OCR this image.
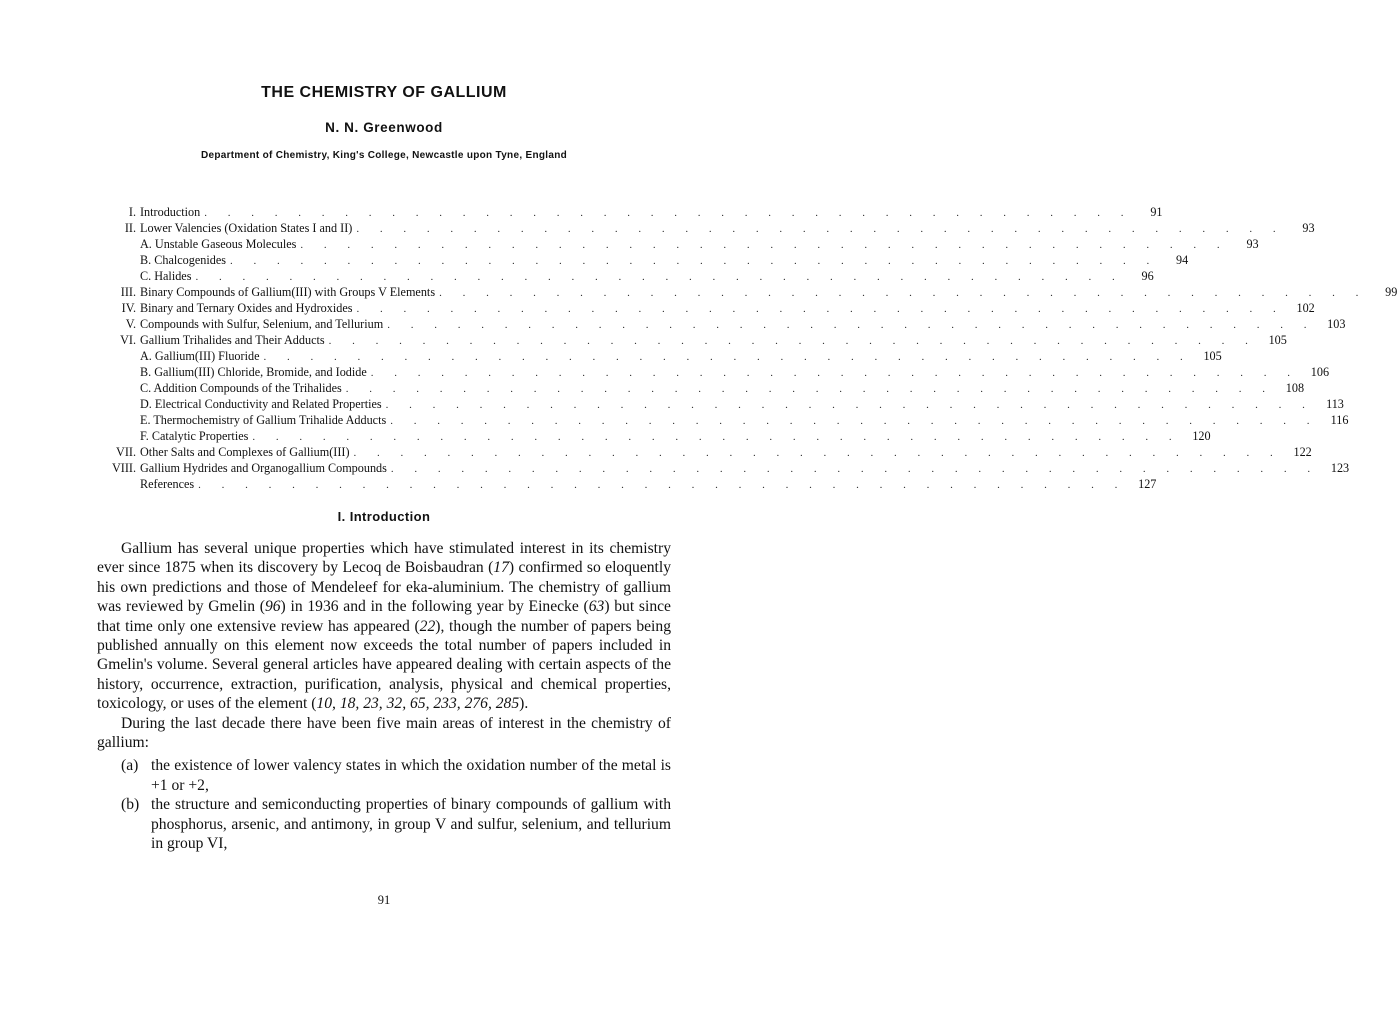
THE CHEMISTRY OF GALLIUM
N. N. Greenwood
Department of Chemistry, King's College, Newcastle upon Tyne, England
I. Introduction . . . . . . . . . . . . . . . . . . . . . . . . . . . . . . . . . . . . . . . .	91
II. Lower Valencies (Oxidation States I and II) . . . . . . . . . . . . . . . . . . . . . . . . . . . . . . . . . . . . . . . .	93
A. Unstable Gaseous Molecules . . . . . . . . . . . . . . . . . . . . . . . . . . . . . . . . . . . . . . . .	93
B. Chalcogenides . . . . . . . . . . . . . . . . . . . . . . . . . . . . . . . . . . . . . . . .	94
C. Halides . . . . . . . . . . . . . . . . . . . . . . . . . . . . . . . . . . . . . . . .	96
III. Binary Compounds of Gallium(III) with Groups V Elements . . . . . . . . . . . . . . . . . . . . . . . . . . . . . . . . . . . . . . . .	99
IV. Binary and Ternary Oxides and Hydroxides . . . . . . . . . . . . . . . . . . . . . . . . . . . . . . . . . . . . . . . . 102
V. Compounds with Sulfur, Selenium, and Tellurium . . . . . . . . . . . . . . . . . . . . . . . . . . . . . . . . . . . . . . . . 103
VI. Gallium Trihalides and Their Adducts . . . . . . . . . . . . . . . . . . . . . . . . . . . . . . . . . . . . . . . . 105
A. Gallium(III) Fluoride . . . . . . . . . . . . . . . . . . . . . . . . . . . . . . . . . . . . . . . . 105
B. Gallium(III) Chloride, Bromide, and Iodide . . . . . . . . . . . . . . . . . . . . . . . . . . . . . . . . . . . . . . . . 106
C. Addition Compounds of the Trihalides . . . . . . . . . . . . . . . . . . . . . . . . . . . . . . . . . . . . . . . . 108
D. Electrical Conductivity and Related Properties . . . . . . . . . . . . . . . . . . . . . . . . . . . . . . . . . . . . . . . . 113
E. Thermochemistry of Gallium Trihalide Adducts . . . . . . . . . . . . . . . . . . . . . . . . . . . . . . . . . . . . . . . . 116
F. Catalytic Properties . . . . . . . . . . . . . . . . . . . . . . . . . . . . . . . . . . . . . . . . 120
VII. Other Salts and Complexes of Gallium(III) . . . . . . . . . . . . . . . . . . . . . . . . . . . . . . . . . . . . . . . . 122
VIII. Gallium Hydrides and Organogallium Compounds . . . . . . . . . . . . . . . . . . . . . . . . . . . . . . . . . . . . . . . . 123
References . . . . . . . . . . . . . . . . . . . . . . . . . . . . . . . . . . . . . . . . 127
I. Introduction

Gallium has several unique properties which have stimulated interest in its chemistry ever since 1875 when its discovery by Lecoq de Boisbaudran (17) confirmed so eloquently his own predictions and those of Mendeleef for eka-aluminium. The chemistry of gallium was reviewed by Gmelin (96) in 1936 and in the following year by Einecke (63) but since that time only one extensive review has appeared (22), though the number of papers being published annually on this element now exceeds the total number of papers included in Gmelin's volume. Several general articles have appeared dealing with certain aspects of the history, occurrence, extraction, purification, analysis, physical and chemical properties, toxicology, or uses of the element (10, 18, 23, 32, 65, 233, 276, 285).

During the last decade there have been five main areas of interest in the chemistry of gallium:

(a) the existence of lower valency states in which the oxidation number of the metal is +1 or +2,
(b) the structure and semiconducting properties of binary compounds of gallium with phosphorus, arsenic, and antimony, in group V and sulfur, selenium, and tellurium in group VI,
91
